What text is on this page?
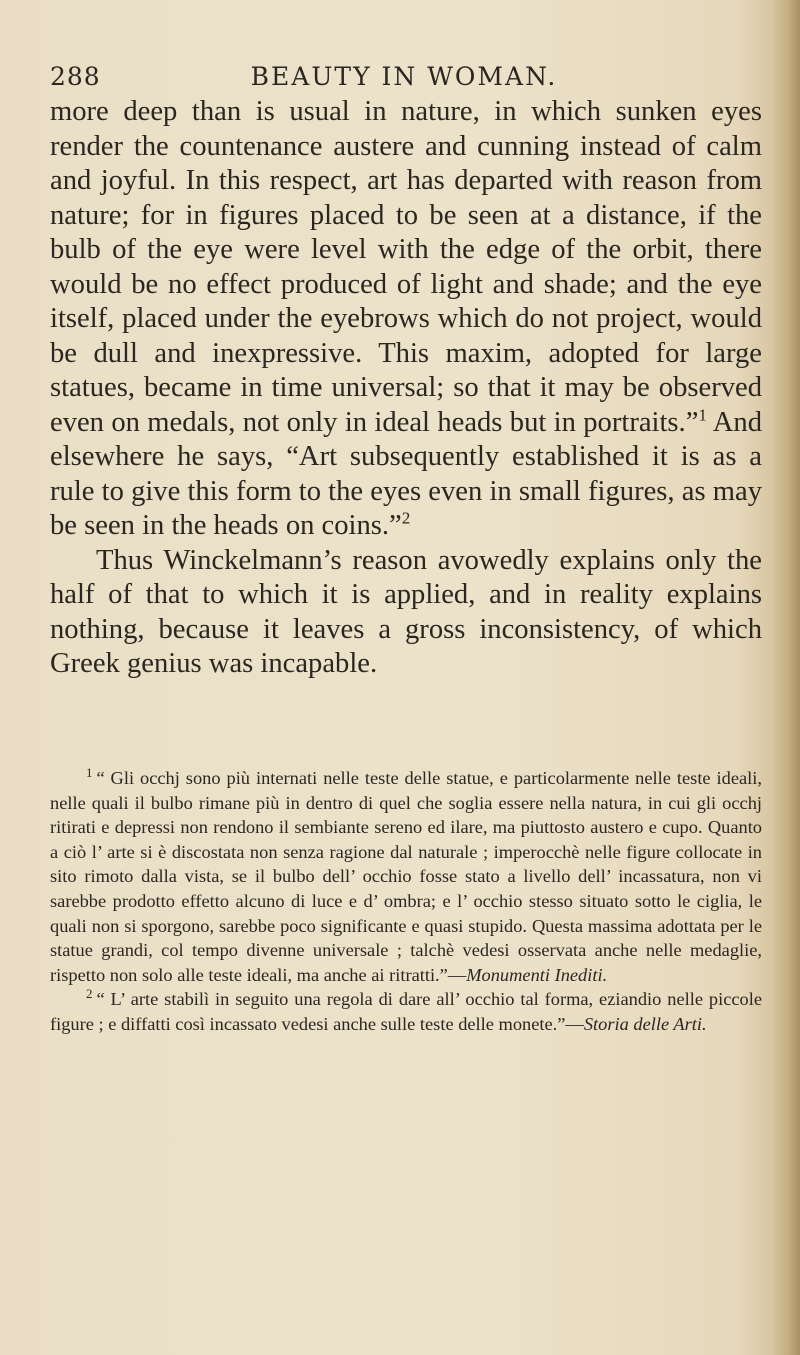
288	BEAUTY IN WOMAN.

more deep than is usual in nature, in which sunken eyes render the countenance austere and cunning instead of calm and joyful. In this respect, art has departed with reason from nature; for in figures placed to be seen at a distance, if the bulb of the eye were level with the edge of the orbit, there would be no effect produced of light and shade; and the eye itself, placed under the eyebrows which do not project, would be dull and inexpressive. This maxim, adopted for large statues, became in time universal; so that it may be observed even on medals, not only in ideal heads but in portraits.”$^1$ And elsewhere he says, “Art subsequently established it is as a rule to give this form to the eyes even in small figures, as may be seen in the heads on coins.”$^2$

Thus Winckelmann’s reason avowedly explains only the half of that to which it is applied, and in reality explains nothing, because it leaves a gross inconsistency, of which Greek genius was incapable.

$^1$ “ Gli occhj sono più internati nelle teste delle statue, e particolarmente nelle teste ideali, nelle quali il bulbo rimane più in dentro di quel che soglia essere nella natura, in cui gli occhj ritirati e depressi non rendono il sembiante sereno ed ilare, ma piuttosto austero e cupo. Quanto a ciò l’ arte si è discostata non senza ragione dal naturale ; imperocchè nelle figure collocate in sito rimoto dalla vista, se il bulbo dell’ occhio fosse stato a livello dell’ incassatura, non vi sarebbe prodotto effetto alcuno di luce e d’ ombra; e l’ occhio stesso situato sotto le ciglia, le quali non si sporgono, sarebbe poco significante e quasi stupido. Questa massima adottata per le statue grandi, col tempo divenne universale ; talchè vedesi osservata anche nelle medaglie, rispetto non solo alle teste ideali, ma anche ai ritratti.”—Monumenti Inediti.

$^2$ “ L’ arte stabilì in seguito una regola di dare all’ occhio tal forma, eziandio nelle piccole figure ; e diffatti così incassato vedesi anche sulle teste delle monete.”—Storia delle Arti.
